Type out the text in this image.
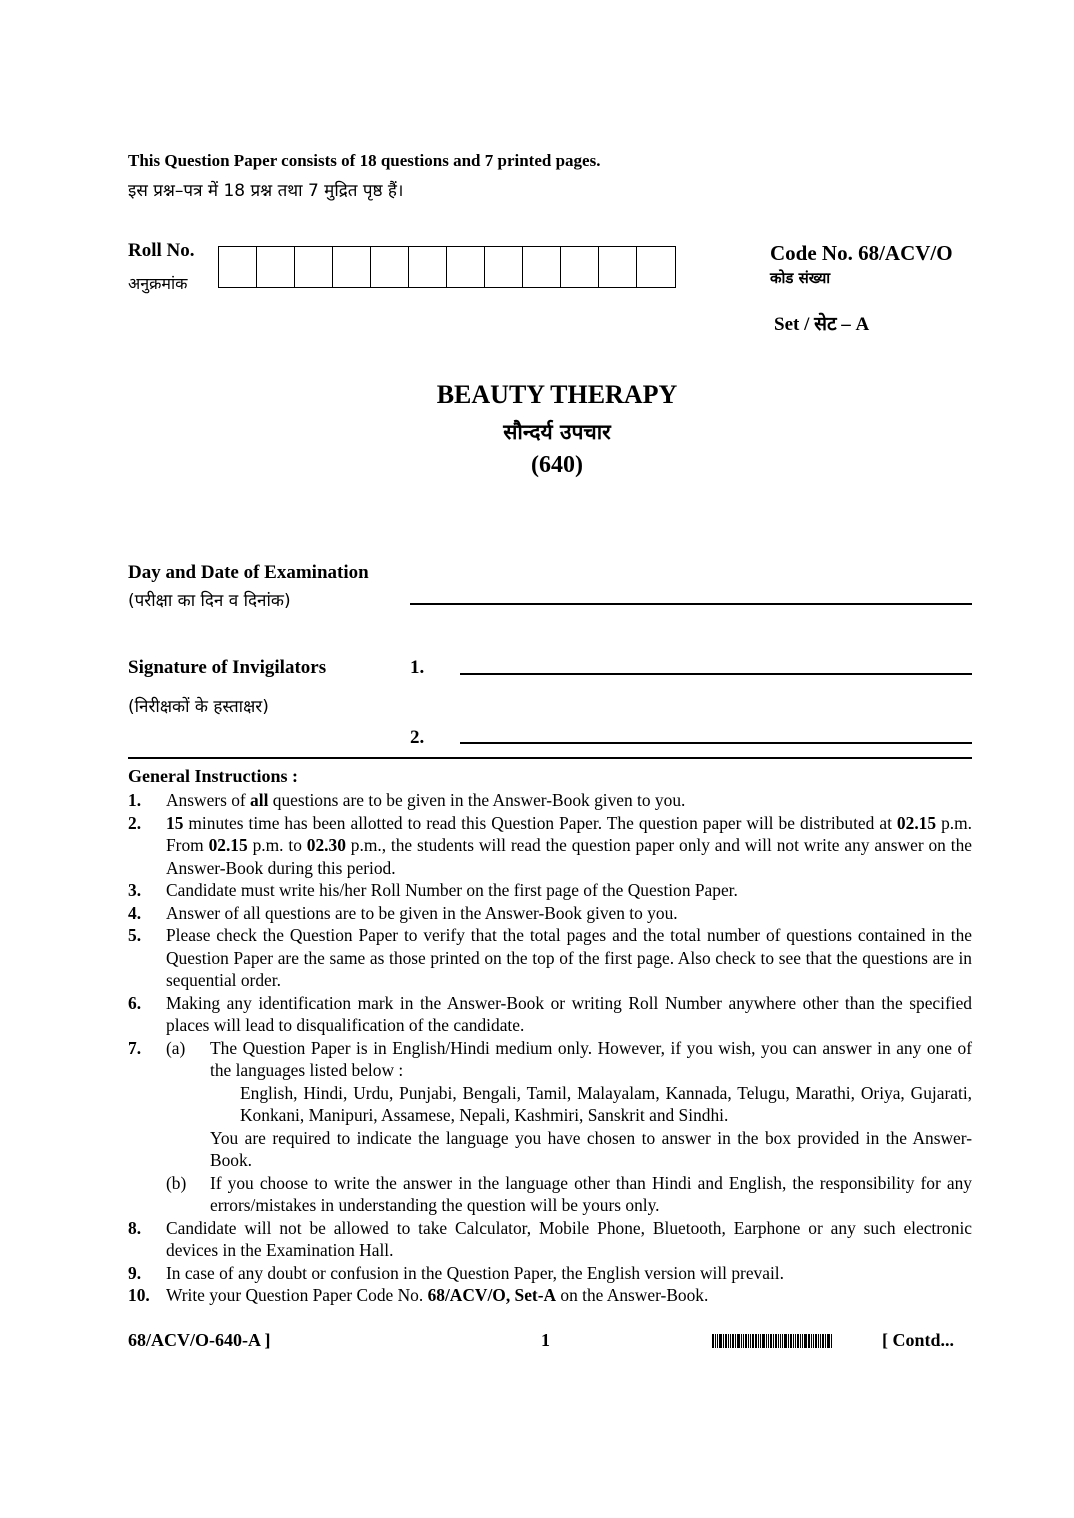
This Question Paper consists of 18 questions and 7 printed pages.
इस प्रश्न–पत्र में 18 प्रश्न तथा 7 मुद्रित पृष्ठ हैं।
Roll No.
अनुक्रमांक
Code No. 68/ACV/O
कोड संख्या
Set / सेट – A
BEAUTY THERAPY
सौन्दर्य उपचार
(640)
Day and Date of Examination
(परीक्षा का दिन व दिनांक)
Signature of Invigilators
(निरीक्षकों के हस्ताक्षर)
1.
2.
General Instructions :
1.	Answers of all questions are to be given in the Answer-Book given to you.
2.	15 minutes time has been allotted to read this Question Paper. The question paper will be distributed at 02.15 p.m. From 02.15 p.m. to 02.30 p.m., the students will read the question paper only and will not write any answer on the Answer-Book during this period.
3.	Candidate must write his/her Roll Number on the first page of the Question Paper.
4.	Answer of all questions are to be given in the Answer-Book given to you.
5.	Please check the Question Paper to verify that the total pages and the total number of questions contained in the Question Paper are the same as those printed on the top of the first page. Also check to see that the questions are in sequential order.
6.	Making any identification mark in the Answer-Book or writing Roll Number anywhere other than the specified places will lead to disqualification of the candidate.
7.	(a)	The Question Paper is in English/Hindi medium only. However, if you wish, you can answer in any one of the languages listed below :
English, Hindi, Urdu, Punjabi, Bengali, Tamil, Malayalam, Kannada, Telugu, Marathi, Oriya, Gujarati, Konkani, Manipuri, Assamese, Nepali, Kashmiri, Sanskrit and Sindhi.
You are required to indicate the language you have chosen to answer in the box provided in the Answer-Book.
(b)	If you choose to write the answer in the language other than Hindi and English, the responsibility for any errors/mistakes in understanding the question will be yours only.
8.	Candidate will not be allowed to take Calculator, Mobile Phone, Bluetooth, Earphone or any such electronic devices in the Examination Hall.
9.	In case of any doubt or confusion in the Question Paper, the English version will prevail.
10. Write your Question Paper Code No. 68/ACV/O, Set-A on the Answer-Book.
68/ACV/O-640-A ]	1	[ Contd...
